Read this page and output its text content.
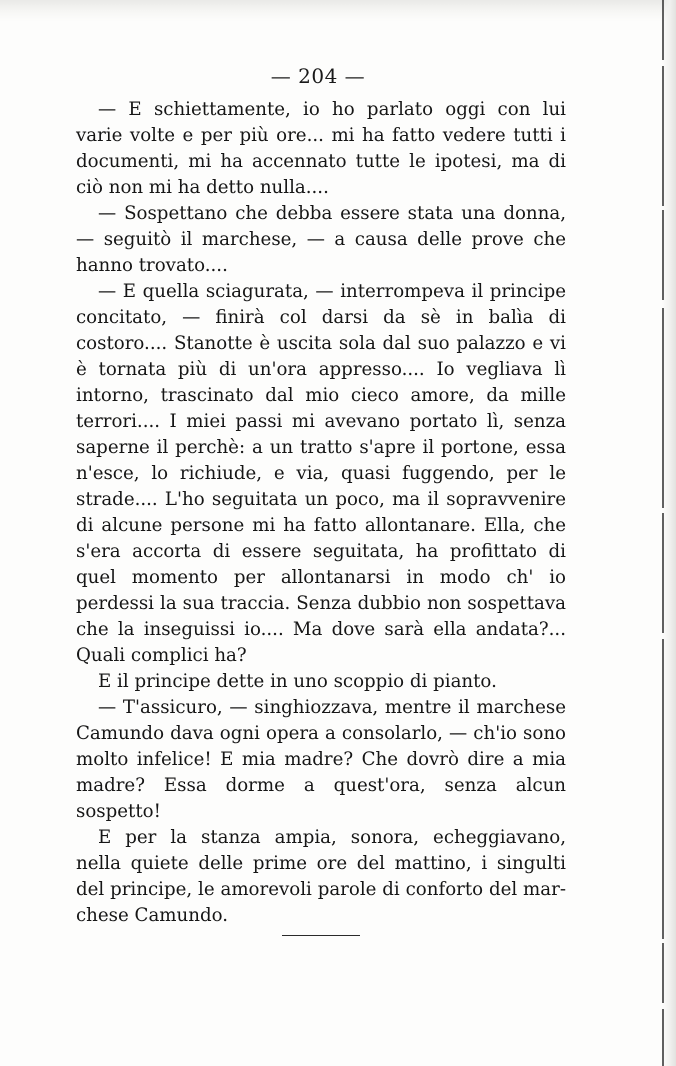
— 204 —

— E schiettamente, io ho parlato oggi con lui varie volte e per più ore... mi ha fatto vedere tutti i documenti, mi ha accennato tutte le ipotesi, ma di ciò non mi ha detto nulla....

— Sospettano che debba essere stata una donna, — seguitò il marchese, — a causa delle prove che hanno trovato....

— E quella sciagurata, — interrompeva il principe concitato, — finirà col darsi da sè in balìa di costoro.... Stanotte è uscita sola dal suo palazzo e vi è tornata più di un'ora appresso.... Io vegliava lì intorno, trascinato dal mio cieco amore, da mille terrori.... I miei passi mi avevano portato lì, senza saperne il perchè: a un tratto s'apre il portone, essa n'esce, lo richiude, e via, quasi fuggendo, per le strade.... L'ho seguitata un poco, ma il sopravvenire di alcune persone mi ha fatto allontanare. Ella, che s'era accorta di essere seguitata, ha profittato di quel momento per allontanarsi in modo ch' io perdessi la sua traccia. Senza dubbio non sospettava che la inseguissi io.... Ma dove sarà ella andata?... Quali complici ha?

E il principe dette in uno scoppio di pianto.

— T'assicuro, — singhiozzava, mentre il marchese Camundo dava ogni opera a consolarlo, — ch'io sono molto infelice! E mia madre? Che dovrò dire a mia madre? Essa dorme a quest'ora, senza alcun sospetto!

E per la stanza ampia, sonora, echeggiavano, nella quiete delle prime ore del mattino, i singulti del principe, le amorevoli parole di conforto del marchese Camundo.
